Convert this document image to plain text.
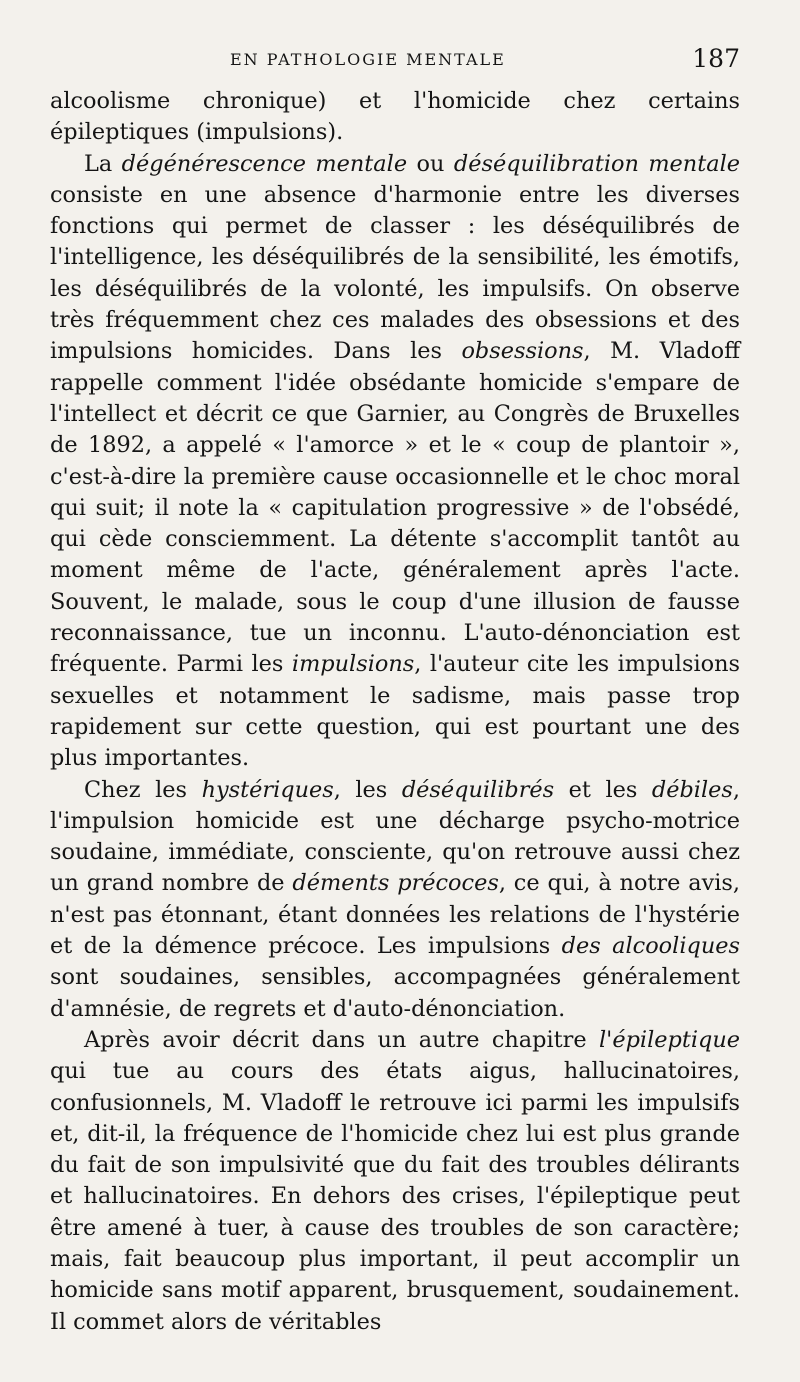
EN PATHOLOGIE MENTALE	187

alcoolisme chronique) et l'homicide chez certains épileptiques (impulsions).

La dégénérescence mentale ou déséquilibration mentale consiste en une absence d'harmonie entre les diverses fonctions qui permet de classer : les déséquilibrés de l'intelligence, les déséquilibrés de la sensibilité, les émotifs, les déséquilibrés de la volonté, les impulsifs. On observe très fréquemment chez ces malades des obsessions et des impulsions homicides. Dans les obsessions, M. Vladoff rappelle comment l'idée obsédante homicide s'empare de l'intellect et décrit ce que Garnier, au Congrès de Bruxelles de 1892, a appelé « l'amorce » et le « coup de plantoir », c'est-à-dire la première cause occasionnelle et le choc moral qui suit; il note la « capitulation progressive » de l'obsédé, qui cède consciemment. La détente s'accomplit tantôt au moment même de l'acte, généralement après l'acte. Souvent, le malade, sous le coup d'une illusion de fausse reconnaissance, tue un inconnu. L'auto-dénonciation est fréquente. Parmi les impulsions, l'auteur cite les impulsions sexuelles et notamment le sadisme, mais passe trop rapidement sur cette question, qui est pourtant une des plus importantes.

Chez les hystériques, les déséquilibrés et les débiles, l'impulsion homicide est une décharge psycho-motrice soudaine, immédiate, consciente, qu'on retrouve aussi chez un grand nombre de déments précoces, ce qui, à notre avis, n'est pas étonnant, étant données les relations de l'hystérie et de la démence précoce. Les impulsions des alcooliques sont soudaines, sensibles, accompagnées généralement d'amnésie, de regrets et d'auto-dénonciation.

Après avoir décrit dans un autre chapitre l'épileptique qui tue au cours des états aigus, hallucinatoires, confusionnels, M. Vladoff le retrouve ici parmi les impulsifs et, dit-il, la fréquence de l'homicide chez lui est plus grande du fait de son impulsivité que du fait des troubles délirants et hallucinatoires. En dehors des crises, l'épileptique peut être amené à tuer, à cause des troubles de son caractère; mais, fait beaucoup plus important, il peut accomplir un homicide sans motif apparent, brusquement, soudainement. Il commet alors de véritables
